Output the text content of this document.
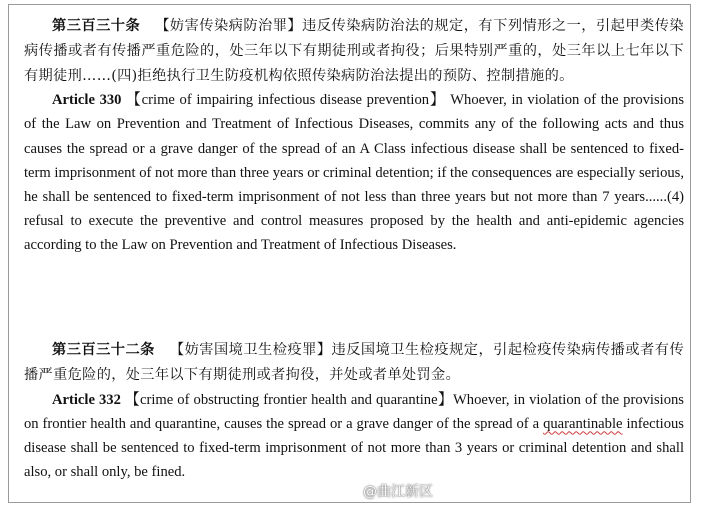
第三百三十条 【妨害传染病防治罪】违反传染病防治法的规定，有下列情形之一，引起甲类传染病传播或者有传播严重危险的，处三年以下有期徒刑或者拘役；后果特别严重的，处三年以上七年以下有期徒刑……(四)拒绝执行卫生防疫机构依照传染病防治法提出的预防、控制措施的。

Article 330 【crime of impairing infectious disease prevention】 Whoever, in violation of the provisions of the Law on Prevention and Treatment of Infectious Diseases, commits any of the following acts and thus causes the spread or a grave danger of the spread of an A Class infectious disease shall be sentenced to fixed-term imprisonment of not more than three years or criminal detention; if the consequences are especially serious, he shall be sentenced to fixed-term imprisonment of not less than three years but not more than 7 years......(4) refusal to execute the preventive and control measures proposed by the health and anti-epidemic agencies according to the Law on Prevention and Treatment of Infectious Diseases.

第三百三十二条 【妨害国境卫生检疫罪】违反国境卫生检疫规定，引起检疫传染病传播或者有传播严重危险的，处三年以下有期徒刑或者拘役，并处或者单处罚金。

Article 332 【crime of obstructing frontier health and quarantine】Whoever, in violation of the provisions on frontier health and quarantine, causes the spread or a grave danger of the spread of a quarantinable infectious disease shall be sentenced to fixed-term imprisonment of not more than 3 years or criminal detention and shall also, or shall only, be fined.

@曲江新区
